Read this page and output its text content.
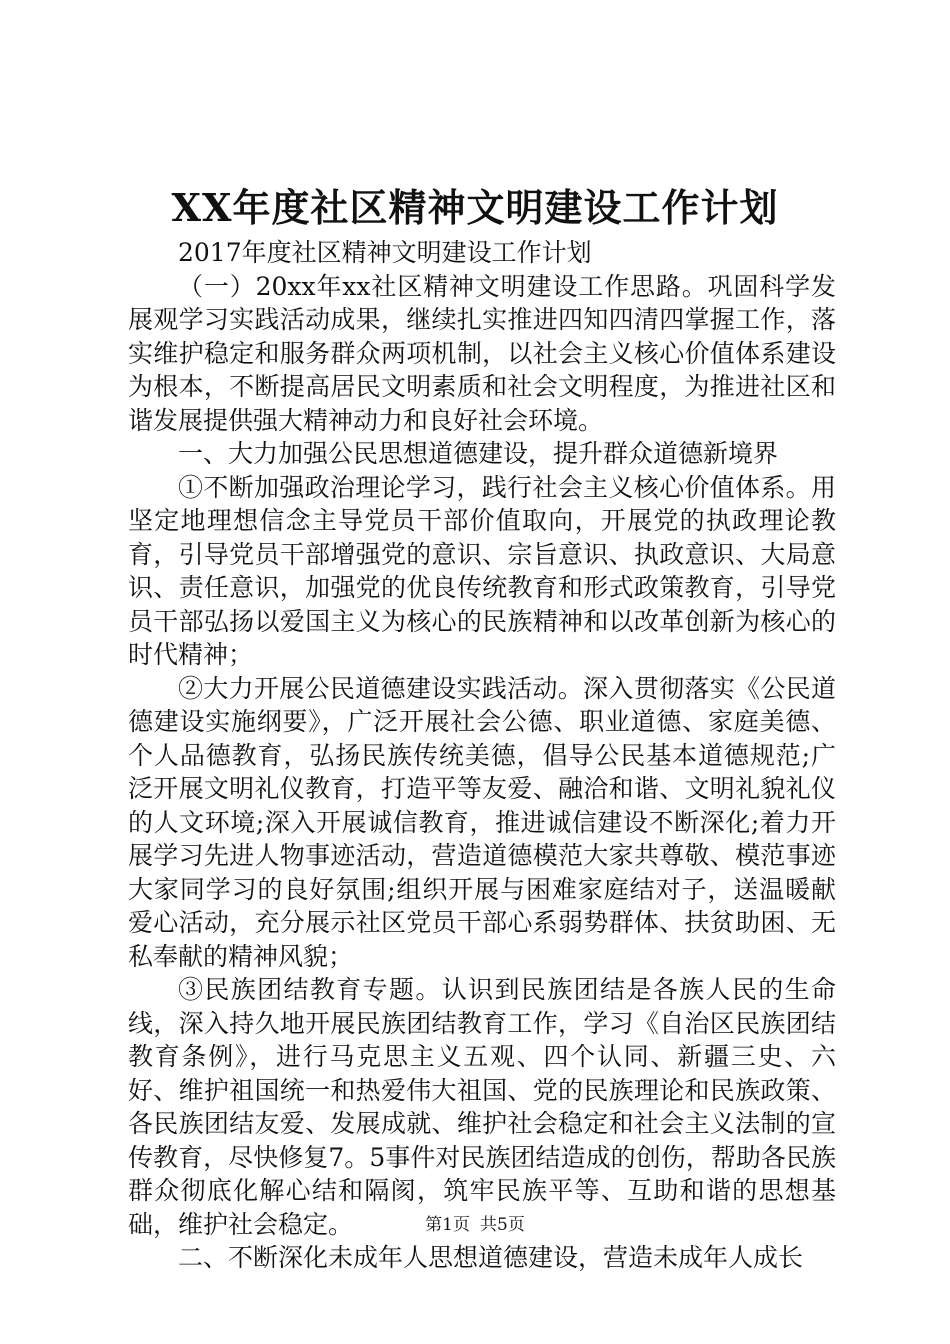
XX年度社区精神文明建设工作计划

2017年度社区精神文明建设工作计划

（一）20xx年xx社区精神文明建设工作思路。巩固科学发展观学习实践活动成果，继续扎实推进四知四清四掌握工作，落实维护稳定和服务群众两项机制，以社会主义核心价值体系建设为根本，不断提高居民文明素质和社会文明程度，为推进社区和谐发展提供强大精神动力和良好社会环境。

一、大力加强公民思想道德建设，提升群众道德新境界

①不断加强政治理论学习，践行社会主义核心价值体系。用坚定地理想信念主导党员干部价值取向，开展党的执政理论教育，引导党员干部增强党的意识、宗旨意识、执政意识、大局意识、责任意识，加强党的优良传统教育和形式政策教育，引导党员干部弘扬以爱国主义为核心的民族精神和以改革创新为核心的时代精神；

②大力开展公民道德建设实践活动。深入贯彻落实《公民道德建设实施纲要》，广泛开展社会公德、职业道德、家庭美德、个人品德教育，弘扬民族传统美德，倡导公民基本道德规范;广泛开展文明礼仪教育，打造平等友爱、融洽和谐、文明礼貌礼仪的人文环境;深入开展诚信教育，推进诚信建设不断深化;着力开展学习先进人物事迹活动，营造道德模范大家共尊敬、模范事迹大家同学习的良好氛围;组织开展与困难家庭结对子，送温暖献爱心活动，充分展示社区党员干部心系弱势群体、扶贫助困、无私奉献的精神风貌；

③民族团结教育专题。认识到民族团结是各族人民的生命线，深入持久地开展民族团结教育工作，学习《自治区民族团结教育条例》，进行马克思主义五观、四个认同、新疆三史、六好、维护祖国统一和热爱伟大祖国、党的民族理论和民族政策、各民族团结友爱、发展成就、维护社会稳定和社会主义法制的宣传教育，尽快修复7。5事件对民族团结造成的创伤，帮助各民族群众彻底化解心结和隔阂，筑牢民族平等、互助和谐的思想基础，维护社会稳定。

二、不断深化未成年人思想道德建设，营造未成年人成长

第1页 共5页
